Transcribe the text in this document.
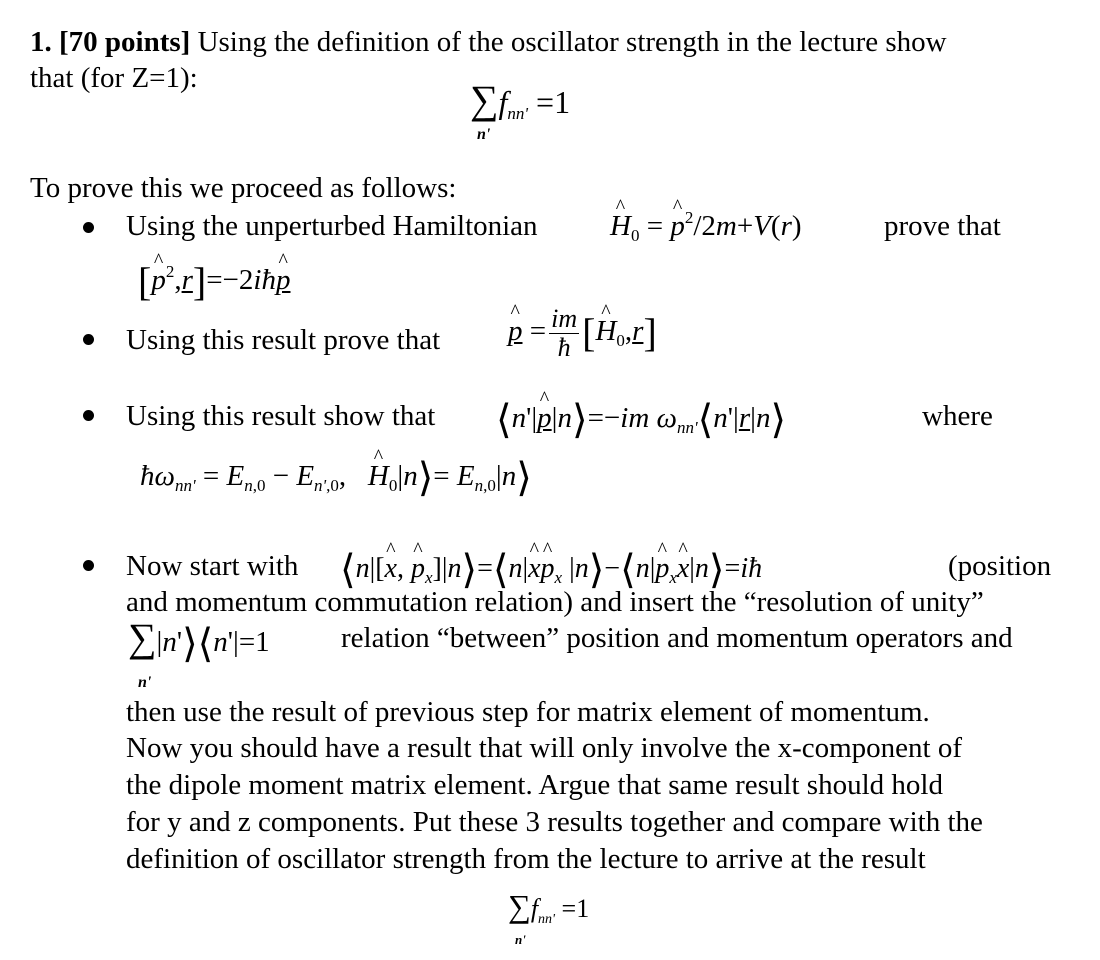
1. [70 points] Using the definition of the oscillator strength in the lecture show
that (for Z=1):	$\sum f_{nn'} =1$
n'
To prove this we proceed as follows:
Using the unperturbed Hamiltonian H $\^{}_0 = p$ ^$^2$/2m+V(r)	prove that
[p ^$^2$,r]=−2iħp ^
Using this result prove that p ^ = $\frac{im}{ħ} [H$ $\^{}_0,r$]
Using this result show that ⟨n'|p ^|n⟩=−im $\omega_{nn'}⟨n'|r|n⟩$	where
$ħ\omega_{nn'} = E_{n,0} - E_{n',0}$, H $\^{}_0|n⟩=$ $E_{n,0}|n⟩$
Now start with ⟨n|[x ^, p $\^{}_x]|n⟩=⟨n|x$ ^p $\^{}_x$ |n⟩−⟨n|p $\^{}_xx$ ^|n⟩=iħ	(position
and momentum commutation relation) and insert the “resolution of unity”
∑|n'⟩⟨n'|=1 relation “between” position and momentum operators and
n'
then use the result of previous step for matrix element of momentum.
Now you should have a result that will only involve the x-component of
the dipole moment matrix element. Argue that same result should hold
for y and z components. Put these 3 results together and compare with the
definition of oscillator strength from the lecture to arrive at the result
$\sum f_{nn'} =1$
n'
